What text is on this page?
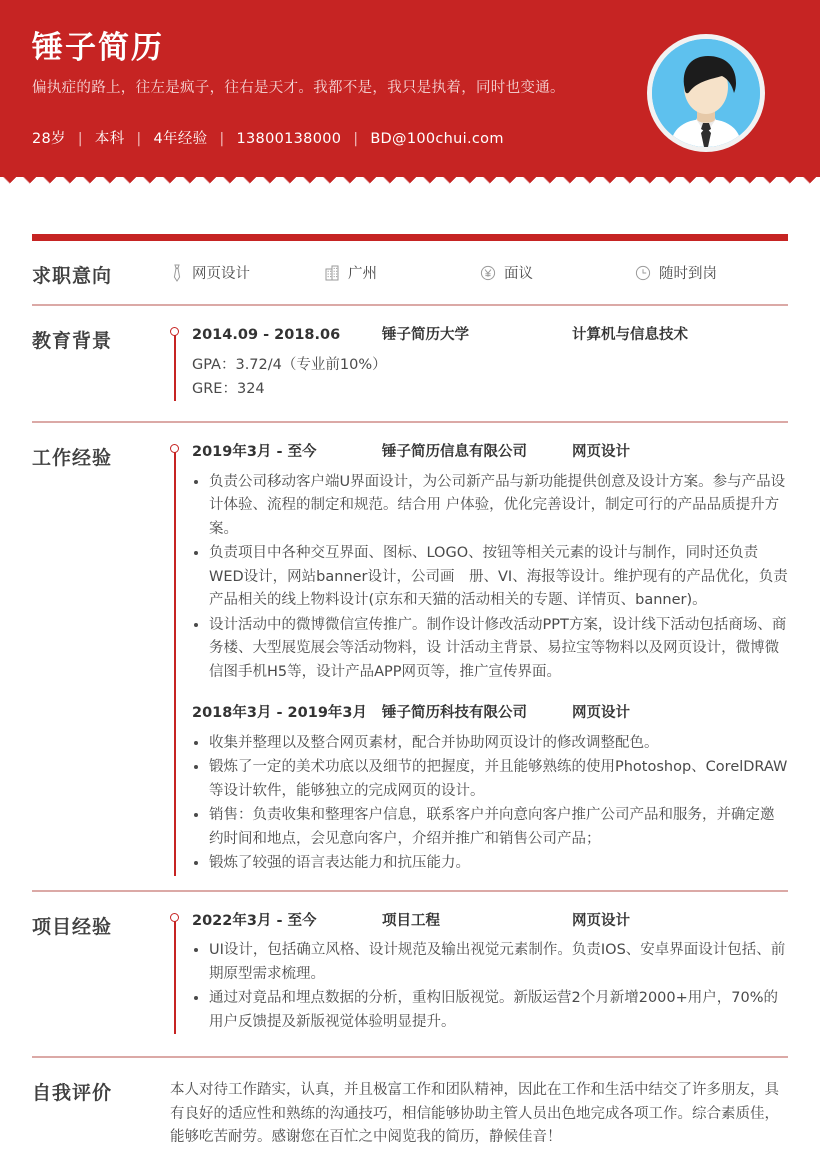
锤子简历
偏执症的路上，往左是疯子，往右是天才。我都不是，我只是执着，同时也变通。
28岁 | 本科 | 4年经验 | 13800138000 | BD@100chui.com
求职意向	网页设计	广州	面议	随时到岗
教育背景	2014.09 - 2018.06	锤子简历大学	计算机与信息技术
GPA：3.72/4（专业前10%）
GRE：324
工作经验	2019年3月 - 至今	锤子简历信息有限公司	网页设计
负责公司移动客户端U界面设计，为公司新产品与新功能提供创意及设计方案。参与产品设计体验、流程的制定和规范。结合用 户体验，优化完善设计，制定可行的产品品质提升方案。
负责项目中各种交互界面、图标、LOGO、按钮等相关元素的设计与制作，同时还负责WED设计，网站banner设计，公司画　册、VI、海报等设计。维护现有的产品优化，负责产品相关的线上物料设计(京东和天猫的活动相关的专题、详情页、banner)。
设计活动中的微博微信宣传推广。制作设计修改活动PPT方案，设计线下活动包括商场、商务楼、大型展览展会等活动物料，设 计活动主背景、易拉宝等物料以及网页设计，微博微信图手机H5等，设计产品APP网页等，推广宣传界面。
2018年3月 - 2019年3月	锤子简历科技有限公司	网页设计
收集并整理以及整合网页素材，配合并协助网页设计的修改调整配色。
锻炼了一定的美术功底以及细节的把握度，并且能够熟练的使用Photoshop、CorelDRAW等设计软件，能够独立的完成网页的设计。
销售：负责收集和整理客户信息，联系客户并向意向客户推广公司产品和服务，并确定邀约时间和地点，会见意向客户，介绍并推广和销售公司产品；
锻炼了较强的语言表达能力和抗压能力。
项目经验	2022年3月 - 至今	项目工程	网页设计
UI设计，包括确立风格、设计规范及输出视觉元素制作。负责IOS、安卓界面设计包括、前期原型需求梳理。
通过对竟品和埋点数据的分析，重构旧版视觉。新版运营2个月新增2000+用户，70%的用户反馈提及新版视觉体验明显提升。
自我评价	本人对待工作踏实，认真，并且极富工作和团队精神，因此在工作和生活中结交了许多朋友，具有良好的适应性和熟练的沟通技巧，相信能够协助主管人员出色地完成各项工作。综合素质佳，能够吃苦耐劳。感谢您在百忙之中阅览我的简历，静候佳音！
